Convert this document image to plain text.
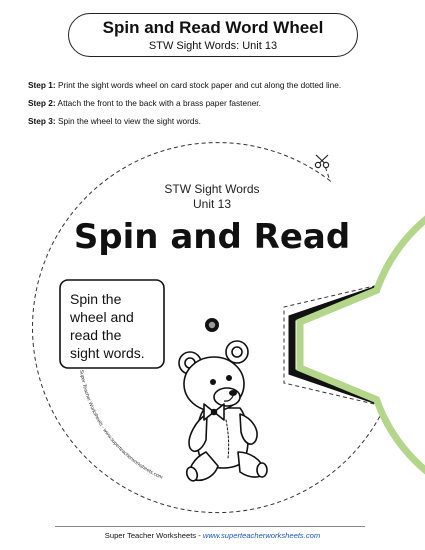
Spin and Read Word Wheel
STW Sight Words: Unit 13
Step 1: Print the sight words wheel on card stock paper and cut along the dotted line.
Step 2: Attach the front to the back with a brass paper fastener.
Step 3: Spin the wheel to view the sight words.
STW Sight Words
Unit 13
Spin and Read
Spin the
wheel and
read the
sight words.
Super Teacher Worksheets - www.superteacherworksheets.com
Super Teacher Worksheets - www.superteacherworksheets.com
